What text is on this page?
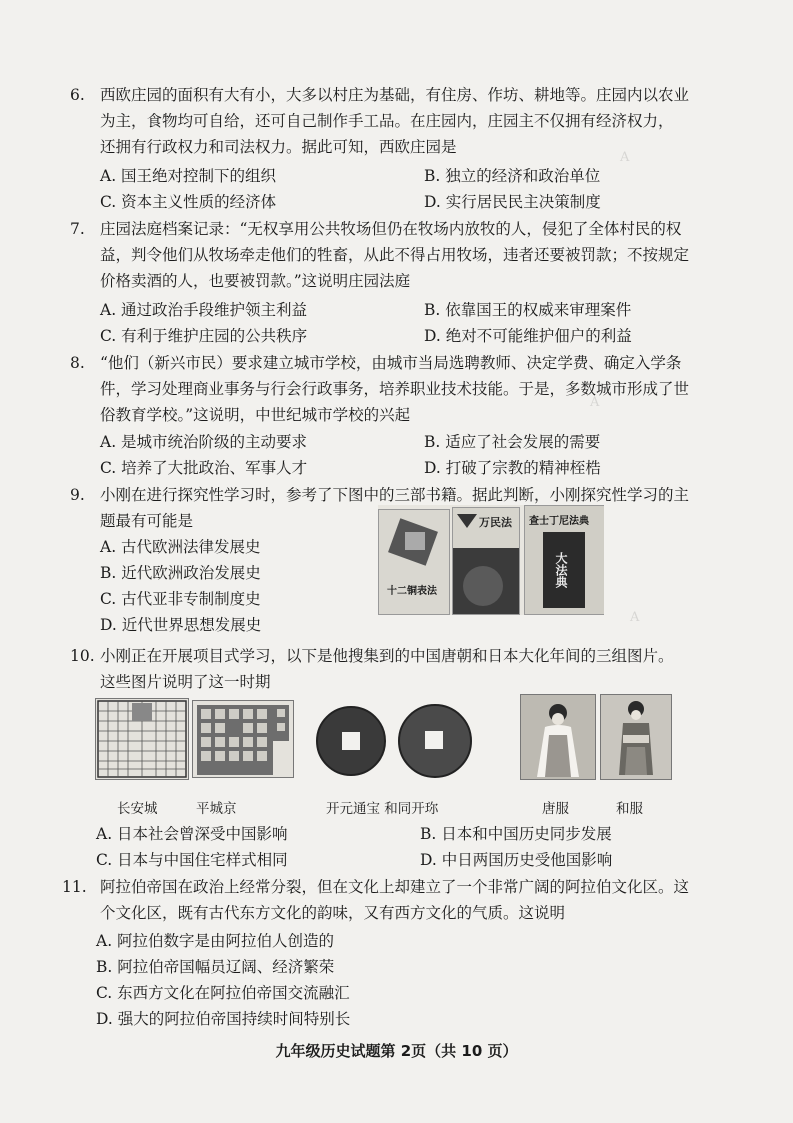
A
A
A
6. 西欧庄园的面积有大有小，大多以村庄为基础，有住房、作坊、耕地等。庄园内以农业
为主，食物均可自给，还可自己制作手工品。在庄园内，庄园主不仅拥有经济权力，
还拥有行政权力和司法权力。据此可知，西欧庄园是
A. 国王绝对控制下的组织	B. 独立的经济和政治单位
C. 资本主义性质的经济体	D. 实行居民民主决策制度
7. 庄园法庭档案记录：“无权享用公共牧场但仍在牧场内放牧的人，侵犯了全体村民的权
益，判令他们从牧场牵走他们的牲畜，从此不得占用牧场，违者还要被罚款；不按规定
价格卖酒的人，也要被罚款。”这说明庄园法庭
A. 通过政治手段维护领主利益	B. 依靠国王的权威来审理案件
C. 有利于维护庄园的公共秩序	D. 绝对不可能维护佃户的利益
8. “他们（新兴市民）要求建立城市学校，由城市当局选聘教师、决定学费、确定入学条
件，学习处理商业事务与行会行政事务，培养职业技术技能。于是，多数城市形成了世
俗教育学校。”这说明，中世纪城市学校的兴起
A. 是城市统治阶级的主动要求	B. 适应了社会发展的需要
C. 培养了大批政治、军事人才	D. 打破了宗教的精神桎梏
9. 小刚在进行探究性学习时，参考了下图中的三部书籍。据此判断，小刚探究性学习的主
题最有可能是
A. 古代欧洲法律发展史
B. 近代欧洲政治发展史
C. 古代亚非专制制度史
D. 近代世界思想发展史
十二铜表法
万民法 查士丁尼法典
大法典
10. 小刚正在开展项目式学习，以下是他搜集到的中国唐朝和日本大化年间的三组图片。
这些图片说明了这一时期
长安城	平城京	开元通宝 和同开珎	唐服	和服
A. 日本社会曾深受中国影响	B. 日本和中国历史同步发展
C. 日本与中国住宅样式相同	D. 中日两国历史受他国影响
11. 阿拉伯帝国在政治上经常分裂，但在文化上却建立了一个非常广阔的阿拉伯文化区。这
个文化区，既有古代东方文化的韵味，又有西方文化的气质。这说明
A. 阿拉伯数字是由阿拉伯人创造的
B. 阿拉伯帝国幅员辽阔、经济繁荣
C. 东西方文化在阿拉伯帝国交流融汇
D. 强大的阿拉伯帝国持续时间特别长
九年级历史试题第 2页（共 10 页）
